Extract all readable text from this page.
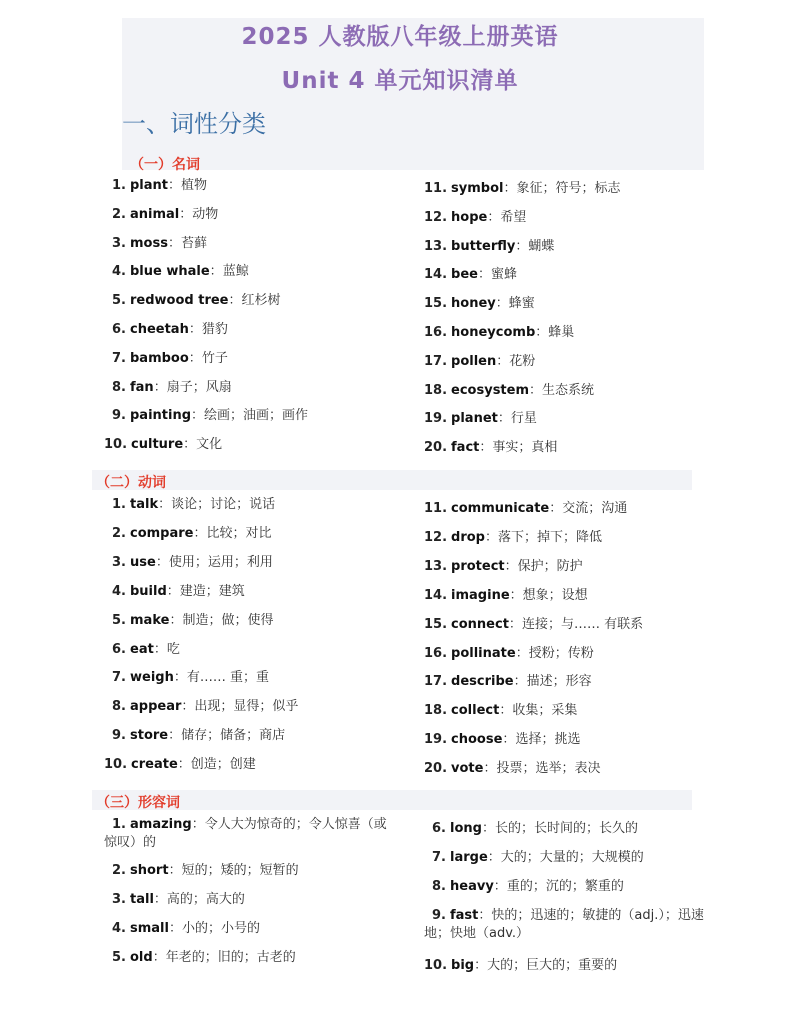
2025 人教版八年级上册英语
Unit 4 单元知识清单
一、词性分类
（一）名词
（二）动词
（三）形容词
1. plant：植物
2. animal：动物
3. moss：苔藓
4. blue whale：蓝鲸
5. redwood tree：红杉树
6. cheetah：猎豹
7. bamboo：竹子
8. fan：扇子；风扇
9. painting：绘画；油画；画作
10. culture：文化
11. symbol：象征；符号；标志
12. hope：希望
13. butterfly：蝴蝶
14. bee：蜜蜂
15. honey：蜂蜜
16. honeycomb：蜂巢
17. pollen：花粉
18. ecosystem：生态系统
19. planet：行星
20. fact：事实；真相
1. talk：谈论；讨论；说话
2. compare：比较；对比
3. use：使用；运用；利用
4. build：建造；建筑
5. make：制造；做；使得
6. eat：吃
7. weigh：有…… 重；重
8. appear：出现；显得；似乎
9. store：储存；储备；商店
10. create：创造；创建
11. communicate：交流；沟通
12. drop：落下；掉下；降低
13. protect：保护；防护
14. imagine：想象；设想
15. connect：连接；与…… 有联系
16. pollinate：授粉；传粉
17. describe：描述；形容
18. collect：收集；采集
19. choose：选择；挑选
20. vote：投票；选举；表决
1. amazing：令人大为惊奇的；令人惊喜（或惊叹）的
2. short：短的；矮的；短暂的
3. tall：高的；高大的
4. small：小的；小号的
5. old：年老的；旧的；古老的
6. long：长的；长时间的；长久的
7. large：大的；大量的；大规模的
8. heavy：重的；沉的；繁重的
9. fast：快的；迅速的；敏捷的（adj.）；迅速地；快地（adv.）
10. big：大的；巨大的；重要的
